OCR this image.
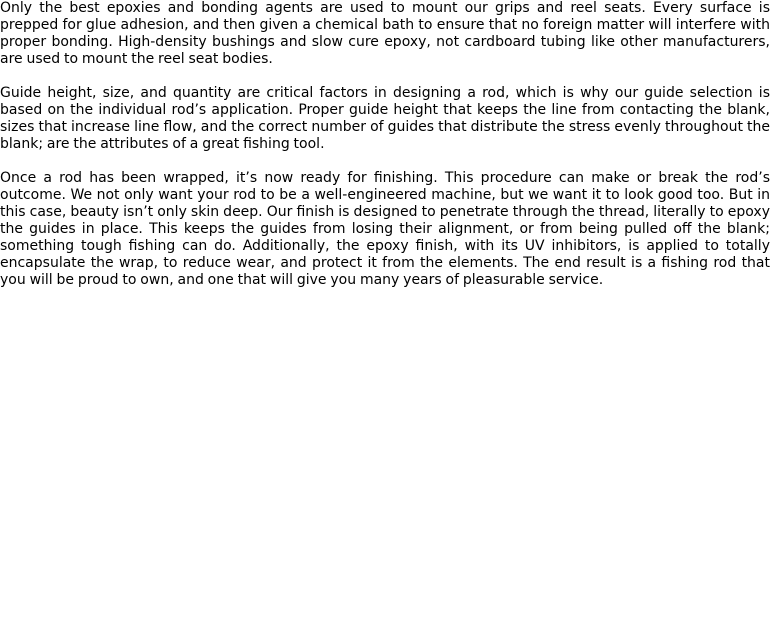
Only the best epoxies and bonding agents are used to mount our grips and reel seats. Every surface is prepped for glue adhesion, and then given a chemical bath to ensure that no foreign matter will interfere with proper bonding. High-density bushings and slow cure epoxy, not cardboard tubing like other manufacturers, are used to mount the reel seat bodies.

Guide height, size, and quantity are critical factors in designing a rod, which is why our guide selection is based on the individual rod’s application. Proper guide height that keeps the line from contacting the blank, sizes that increase line flow, and the correct number of guides that distribute the stress evenly throughout the blank; are the attributes of a great fishing tool.

Once a rod has been wrapped, it’s now ready for finishing. This procedure can make or break the rod’s outcome. We not only want your rod to be a well-engineered machine, but we want it to look good too. But in this case, beauty isn’t only skin deep. Our finish is designed to penetrate through the thread, literally to epoxy the guides in place. This keeps the guides from losing their alignment, or from being pulled off the blank; something tough fishing can do. Additionally, the epoxy finish, with its UV inhibitors, is applied to totally encapsulate the wrap, to reduce wear, and protect it from the elements. The end result is a fishing rod that you will be proud to own, and one that will give you many years of pleasurable service.
